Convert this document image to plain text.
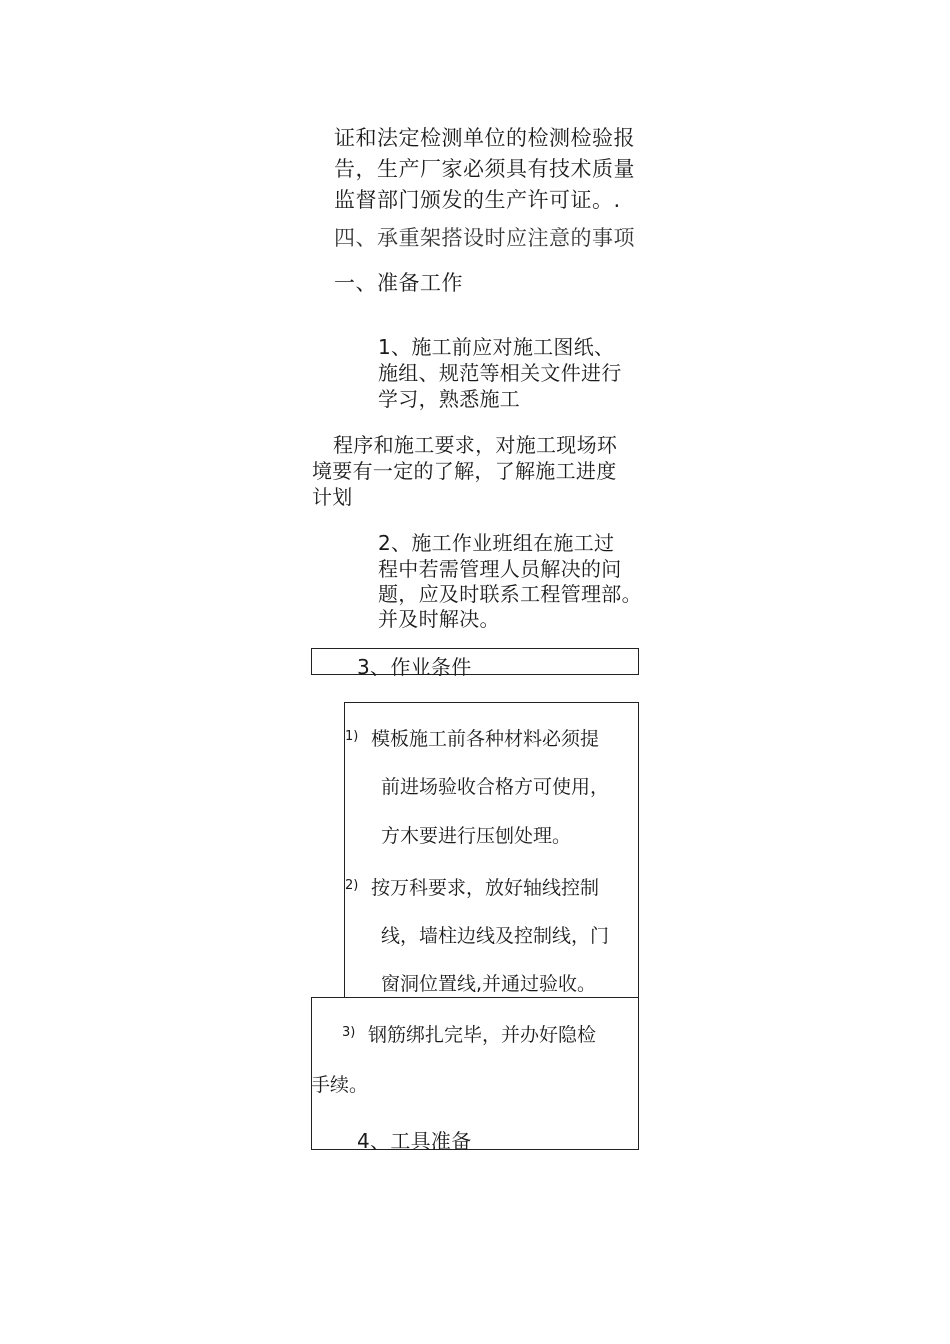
证和法定检测单位的检测检验报

告，生产厂家必须具有技术质量

监督部门颁发的生产许可证。.

四、承重架搭设时应注意的事项

一、准备工作

1、施工前应对施工图纸、

施组、规范等相关文件进行

学习，熟悉施工

程序和施工要求，对施工现场环

境要有一定的了解，了解施工进度

计划

2、施工作业班组在施工过

程中若需管理人员解决的问

题，应及时联系工程管理部。

并及时解决。

3、作业条件

1) 模板施工前各种材料必须提

前进场验收合格方可使用，

方木要进行压刨处理。

2) 按万科要求，放好轴线控制

线，墙柱边线及控制线，门

窗洞位置线,并通过验收。

3) 钢筋绑扎完毕，并办好隐检

手续。

4、工具准备
